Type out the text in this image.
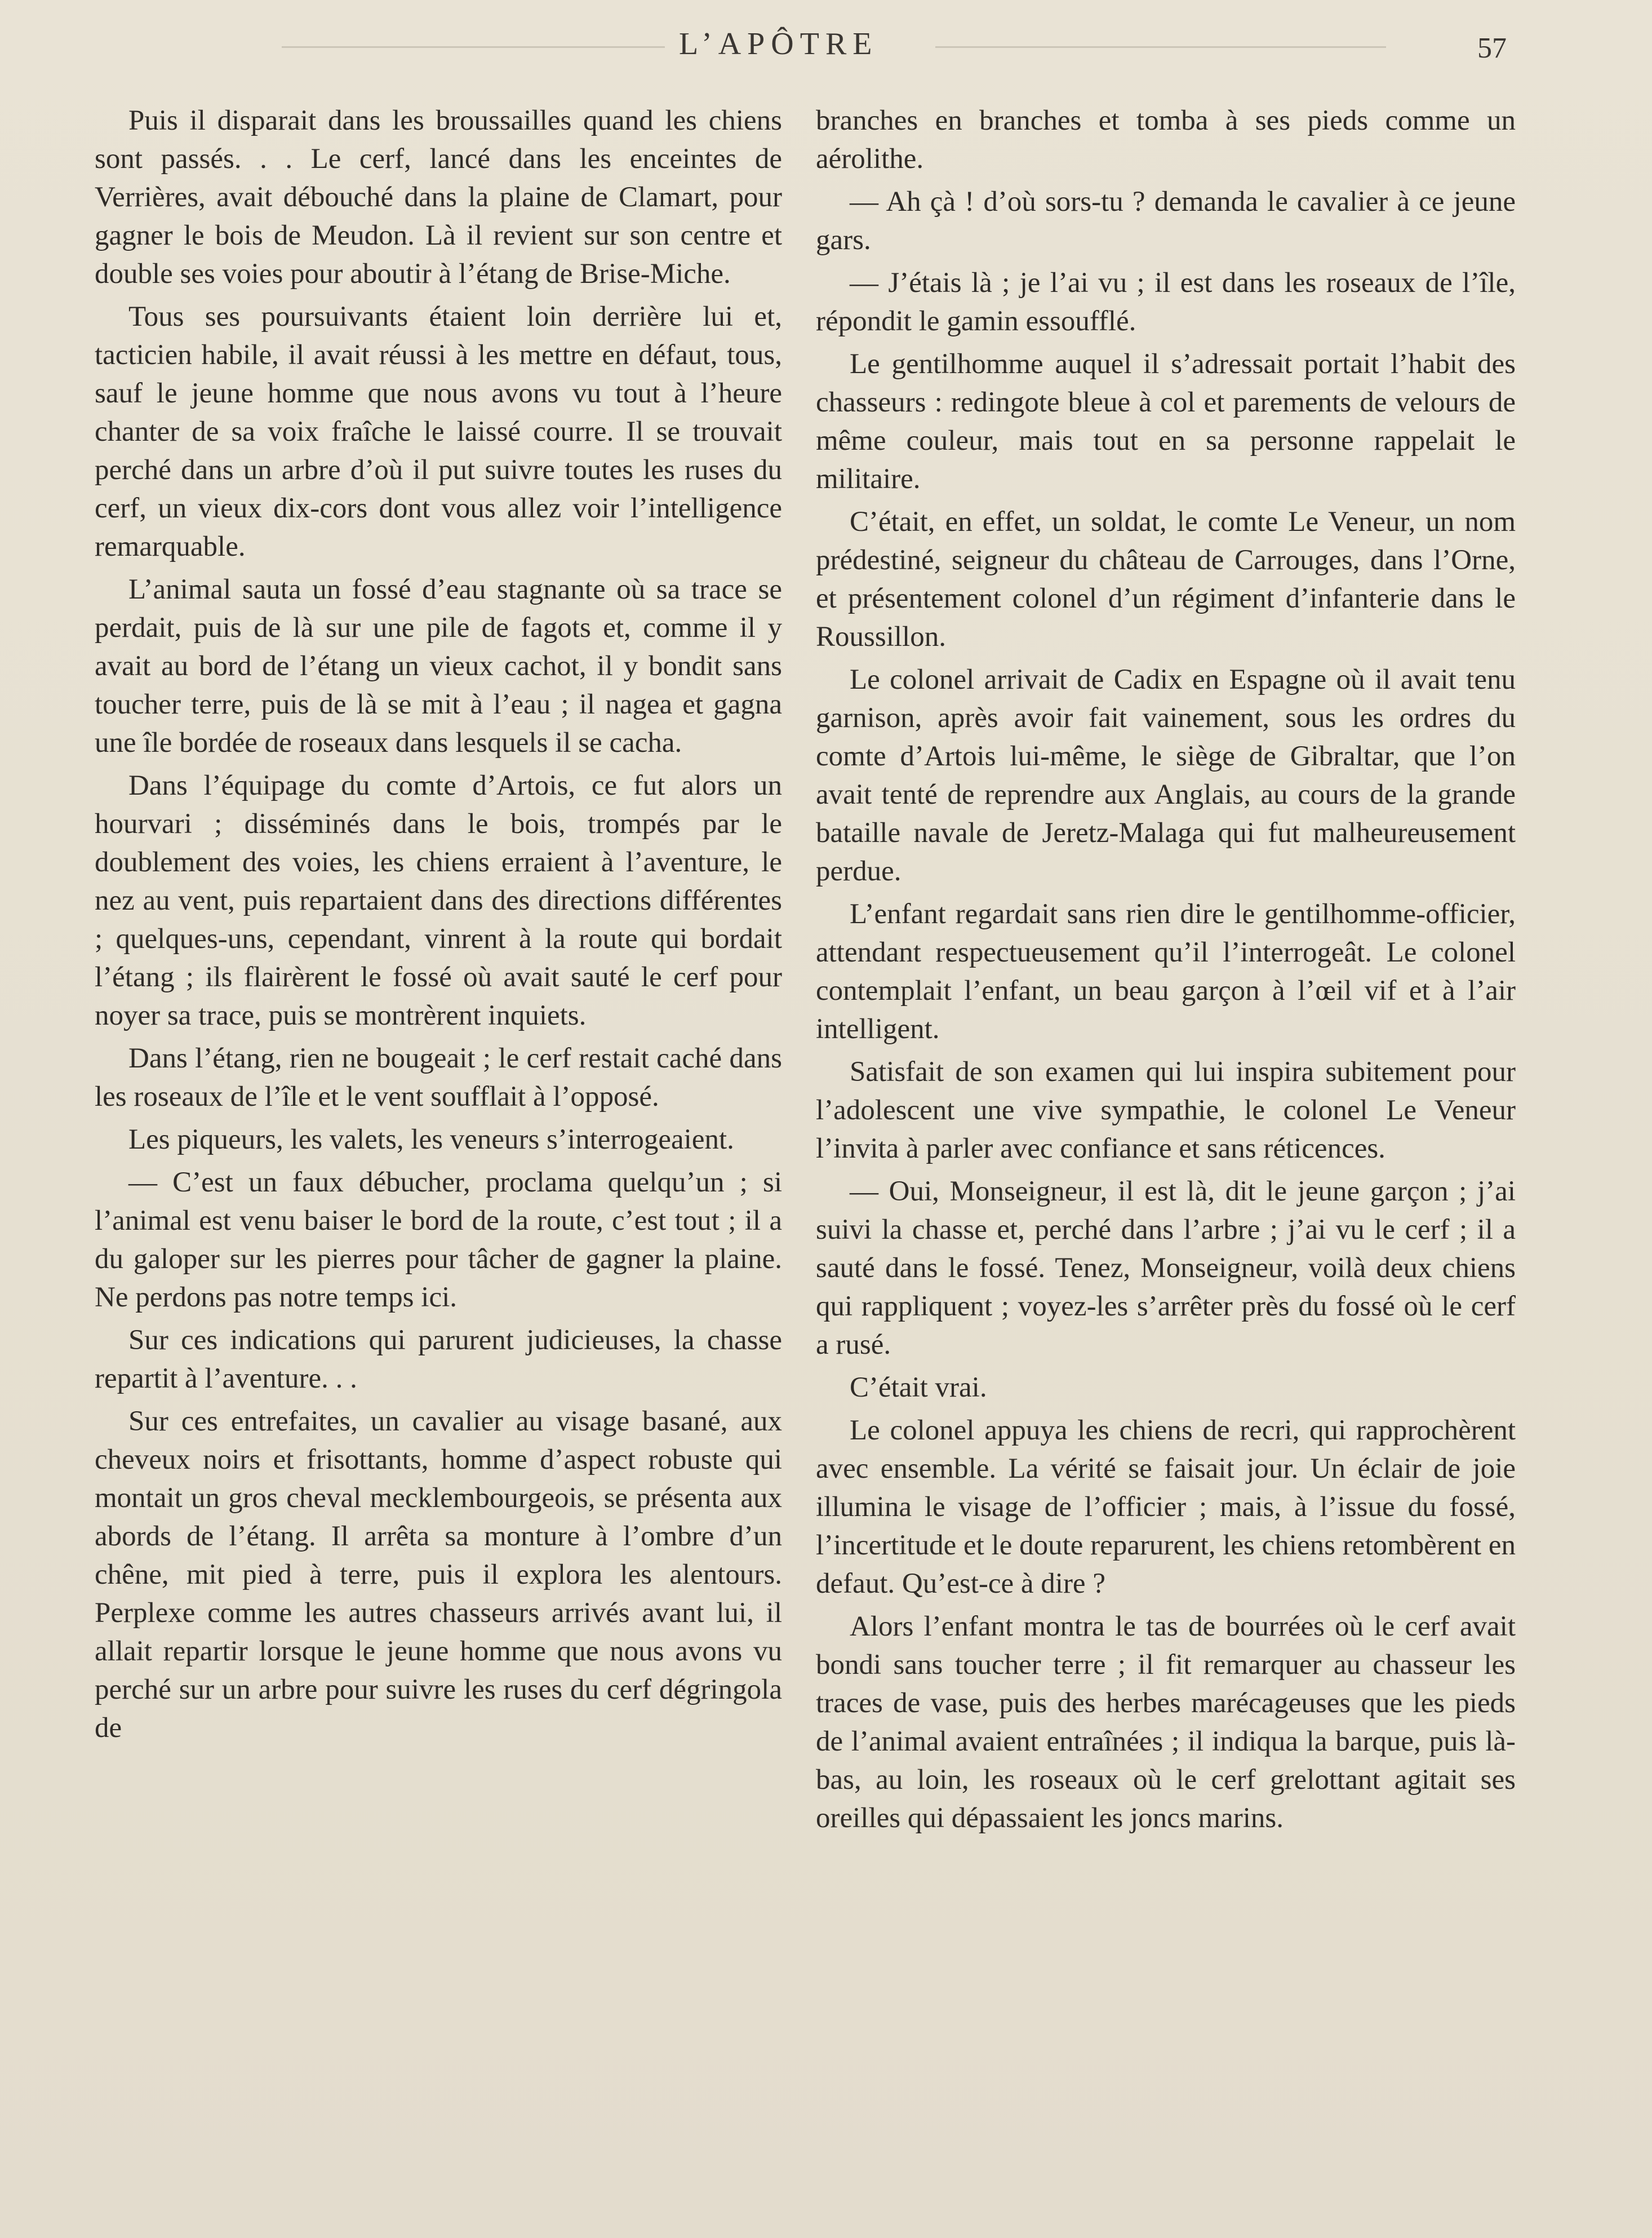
L’APÔTRE	57

Puis il disparait dans les broussailles quand les chiens sont passés. . . Le cerf, lancé dans les enceintes de Verrières, avait débouché dans la plaine de Clamart, pour gagner le bois de Meudon. Là il revient sur son centre et double ses voies pour aboutir à l’étang de Brise-Miche.

Tous ses poursuivants étaient loin derrière lui et, tacticien habile, il avait réussi à les mettre en défaut, tous, sauf le jeune homme que nous avons vu tout à l’heure chanter de sa voix fraîche le laissé courre. Il se trouvait perché dans un arbre d’où il put suivre toutes les ruses du cerf, un vieux dix-cors dont vous allez voir l’intelligence remarquable.

L’animal sauta un fossé d’eau stagnante où sa trace se perdait, puis de là sur une pile de fagots et, comme il y avait au bord de l’étang un vieux cachot, il y bondit sans toucher terre, puis de là se mit à l’eau ; il nagea et gagna une île bordée de roseaux dans lesquels il se cacha.

Dans l’équipage du comte d’Artois, ce fut alors un hourvari ; disséminés dans le bois, trompés par le doublement des voies, les chiens erraient à l’aventure, le nez au vent, puis repartaient dans des directions différentes ; quelques-uns, cependant, vinrent à la route qui bordait l’étang ; ils flairèrent le fossé où avait sauté le cerf pour noyer sa trace, puis se montrèrent inquiets.

Dans l’étang, rien ne bougeait ; le cerf restait caché dans les roseaux de l’île et le vent soufflait à l’opposé.

Les piqueurs, les valets, les veneurs s’interrogeaient.

— C’est un faux débucher, proclama quelqu’un ; si l’animal est venu baiser le bord de la route, c’est tout ; il a du galoper sur les pierres pour tâcher de gagner la plaine. Ne perdons pas notre temps ici.

Sur ces indications qui parurent judicieuses, la chasse repartit à l’aventure. . .

Sur ces entrefaites, un cavalier au visage basané, aux cheveux noirs et frisottants, homme d’aspect robuste qui montait un gros cheval mecklembourgeois, se présenta aux abords de l’étang. Il arrêta sa monture à l’ombre d’un chêne, mit pied à terre, puis il explora les alentours. Perplexe comme les autres chasseurs arrivés avant lui, il allait repartir lorsque le jeune homme que nous avons vu perché sur un arbre pour suivre les ruses du cerf dégringola de

branches en branches et tomba à ses pieds comme un aérolithe.

— Ah çà ! d’où sors-tu ? demanda le cavalier à ce jeune gars.

— J’étais là ; je l’ai vu ; il est dans les roseaux de l’île, répondit le gamin essoufflé.

Le gentilhomme auquel il s’adressait portait l’habit des chasseurs : redingote bleue à col et parements de velours de même couleur, mais tout en sa personne rappelait le militaire.

C’était, en effet, un soldat, le comte Le Veneur, un nom prédestiné, seigneur du château de Carrouges, dans l’Orne, et présentement colonel d’un régiment d’infanterie dans le Roussillon.

Le colonel arrivait de Cadix en Espagne où il avait tenu garnison, après avoir fait vainement, sous les ordres du comte d’Artois lui-même, le siège de Gibraltar, que l’on avait tenté de reprendre aux Anglais, au cours de la grande bataille navale de Jeretz-Malaga qui fut malheureusement perdue.

L’enfant regardait sans rien dire le gentilhomme-officier, attendant respectueusement qu’il l’interrogeât. Le colonel contemplait l’enfant, un beau garçon à l’œil vif et à l’air intelligent.

Satisfait de son examen qui lui inspira subitement pour l’adolescent une vive sympathie, le colonel Le Veneur l’invita à parler avec confiance et sans réticences.

— Oui, Monseigneur, il est là, dit le jeune garçon ; j’ai suivi la chasse et, perché dans l’arbre ; j’ai vu le cerf ; il a sauté dans le fossé. Tenez, Monseigneur, voilà deux chiens qui rappliquent ; voyez-les s’arrêter près du fossé où le cerf a rusé.

C’était vrai.

Le colonel appuya les chiens de recri, qui rapprochèrent avec ensemble. La vérité se faisait jour. Un éclair de joie illumina le visage de l’officier ; mais, à l’issue du fossé, l’incertitude et le doute reparurent, les chiens retombèrent en defaut. Qu’est-ce à dire ?

Alors l’enfant montra le tas de bourrées où le cerf avait bondi sans toucher terre ; il fit remarquer au chasseur les traces de vase, puis des herbes marécageuses que les pieds de l’animal avaient entraînées ; il indiqua la barque, puis là-bas, au loin, les roseaux où le cerf grelottant agitait ses oreilles qui dépassaient les joncs marins.
